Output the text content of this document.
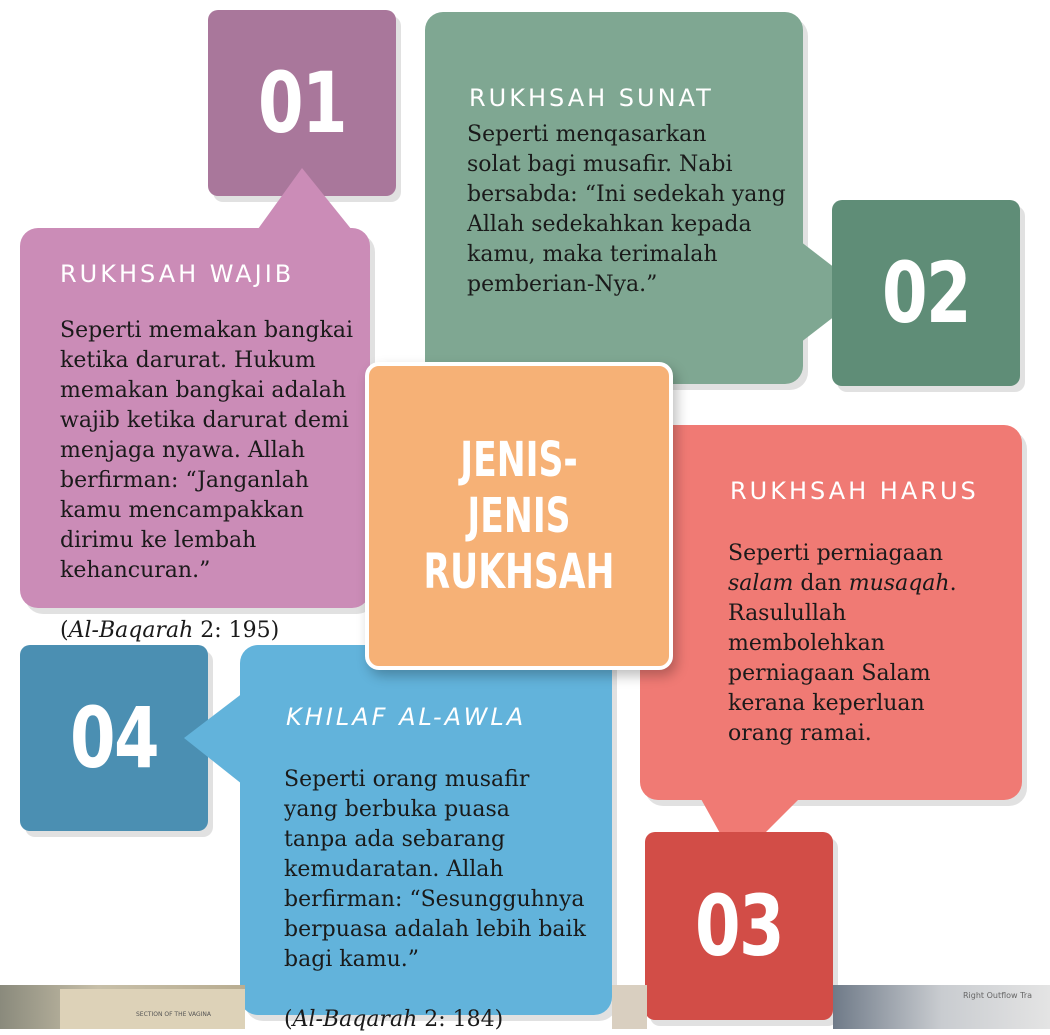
01
RUKHSAH WAJIB

Seperti memakan bangkai
ketika darurat. Hukum
memakan bangkai adalah
wajib ketika darurat demi
menjaga nyawa. Allah
berfirman: “Janganlah
kamu mencampakkan
dirimu ke lembah
kehancuran.”

(Al-Baqarah 2: 195)

RUKHSAH SUNAT
Seperti menqasarkan
solat bagi musafir. Nabi
bersabda: “Ini sedekah yang
Allah sedekahkan kepada
kamu, maka terimalah
pemberian-Nya.”	02
RUKHSAH HARUS

Seperti perniagaan
salam dan musaqah.
Rasulullah
membolehkan
perniagaan Salam
kerana keperluan
orang ramai.

03
04	KHILAF AL-AWLA

Seperti orang musafir
yang berbuka puasa
tanpa ada sebarang
kemudaratan. Allah
berfirman: “Sesungguhnya
berpuasa adalah lebih baik
bagi kamu.”

(Al-Baqarah 2: 184)

JENIS-JENIS
RUKHSAH
SECTION OF THE VAGINA
Right Outflow Tra
